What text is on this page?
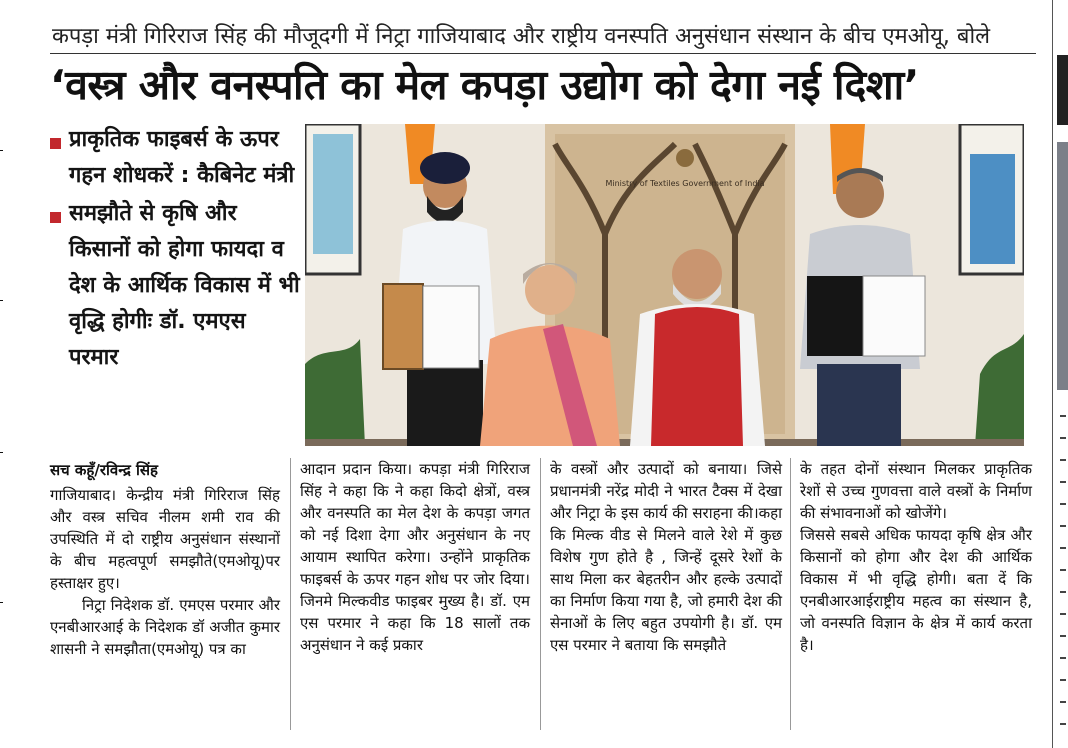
कपड़ा मंत्री गिरिराज सिंह की मौजूदगी में निट्रा गाजियाबाद और राष्ट्रीय वनस्पति अनुसंधान संस्थान के बीच एमओयू, बोले
‘वस्त्र और वनस्पति का मेल कपड़ा उद्योग को देगा नई दिशा’
प्राकृतिक फाइबर्स के ऊपर गहन शोधकरें : कैबिनेट मंत्री
समझौते से कृषि और किसानों को होगा फायदा व देश के आर्थिक विकास में भी वृद्धि होगीः डॉ. एमएस परमार
सच कहूँ/रविन्द्र सिंह

गाजियाबाद। केन्द्रीय मंत्री गिरिराज सिंह और वस्त्र सचिव नीलम शमी राव की उपस्थिति में दो राष्ट्रीय अनुसंधान संस्थानों के बीच महत्वपूर्ण समझौते(एमओयू)पर हस्ताक्षर हुए।

निट्रा निदेशक डॉ. एमएस परमार और एनबीआरआई के निदेशक डॉ अजीत कुमार शासनी ने समझौता(एमओयू) पत्र का

आदान प्रदान किया। कपड़ा मंत्री गिरिराज सिंह ने कहा कि ने कहा किदो क्षेत्रों, वस्त्र और वनस्पति का मेल देश के कपड़ा जगत को नई दिशा देगा और अनुसंधान के नए आयाम स्थापित करेगा। उन्होंने प्राकृतिक फाइबर्स के ऊपर गहन शोध पर जोर दिया। जिनमे मिल्कवीड फाइबर मुख्य है। डॉ. एम एस परमार ने कहा कि 18 सालों तक अनुसंधान ने कई प्रकार
के वस्त्रों और उत्पादों को बनाया। जिसे प्रधानमंत्री नरेंद्र मोदी ने भारत टैक्स में देखा और निट्रा के इस कार्य की सराहना की।कहा कि मिल्क वीड से मिलने वाले रेशे में कुछ विशेष गुण होते है , जिन्हें दूसरे रेशों के साथ मिला कर बेहतरीन और हल्के उत्पादों का निर्माण किया गया है, जो हमारी देश की सेनाओं के लिए बहुत उपयोगी है। डॉ. एम एस परमार ने बताया कि समझौते

के तहत दोनों संस्थान मिलकर प्राकृतिक रेशों से उच्च गुणवत्ता वाले वस्त्रों के निर्माण की संभावनाओं को खोजेंगे।

जिससे सबसे अधिक फायदा कृषि क्षेत्र और किसानों को होगा और देश की आर्थिक विकास में भी वृद्धि होगी। बता दें कि एनबीआरआईराष्ट्रीय महत्व का संस्थान है, जो वनस्पति विज्ञान के क्षेत्र में कार्य करता है।

Ministry of Textiles Government of India
